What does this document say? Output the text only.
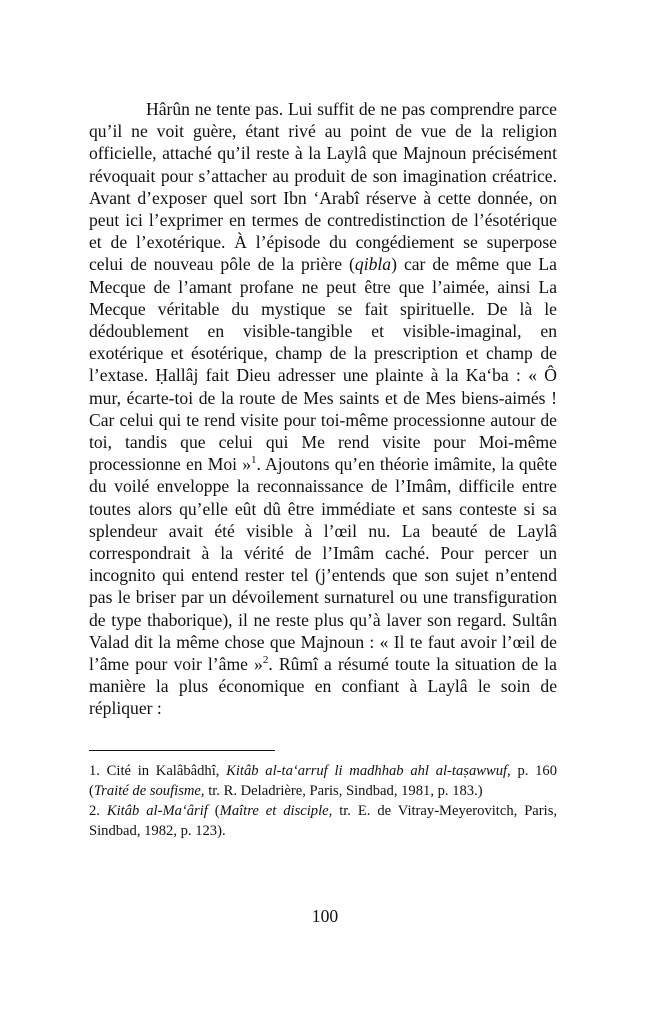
Hârûn ne tente pas. Lui suffit de ne pas comprendre parce qu’il ne voit guère, étant rivé au point de vue de la religion officielle, attaché qu’il reste à la Laylâ que Majnoun précisément révoquait pour s’attacher au produit de son imagination créatrice. Avant d’exposer quel sort Ibn ‘Arabî réserve à cette donnée, on peut ici l’exprimer en termes de contredistinction de l’ésotérique et de l’exotérique. À l’épisode du congédiement se superpose celui de nouveau pôle de la prière (qibla) car de même que La Mecque de l’amant profane ne peut être que l’aimée, ainsi La Mecque véritable du mystique se fait spirituelle. De là le dédoublement en visible-tangible et visible-imaginal, en exotérique et ésotérique, champ de la prescription et champ de l’extase. Ḥallâj fait Dieu adresser une plainte à la Ka‘ba : « Ô mur, écarte-toi de la route de Mes saints et de Mes biens-aimés ! Car celui qui te rend visite pour toi-même processionne autour de toi, tandis que celui qui Me rend visite pour Moi-même processionne en Moi »$^1$. Ajoutons qu’en théorie imâmite, la quête du voilé enveloppe la reconnaissance de l’Imâm, difficile entre toutes alors qu’elle eût dû être immédiate et sans conteste si sa splendeur avait été visible à l’œil nu. La beauté de Laylâ correspondrait à la vérité de l’Imâm caché. Pour percer un incognito qui entend rester tel (j’entends que son sujet n’entend pas le briser par un dévoilement surnaturel ou une transfiguration de type thaborique), il ne reste plus qu’à laver son regard. Sultân Valad dit la même chose que Majnoun : « Il te faut avoir l’œil de l’âme pour voir l’âme »$^2$. Rûmî a résumé toute la situation de la manière la plus économique en confiant à Laylâ le soin de répliquer :

1. Cité in Kalâbâdhî, Kitâb al-ta‘arruf li madhhab ahl al-taṣawwuf, p. 160 (Traité de soufisme, tr. R. Deladrière, Paris, Sindbad, 1981, p. 183.)

2. Kitâb al-Ma‘ârif (Maître et disciple, tr. E. de Vitray-Meyerovitch, Paris, Sindbad, 1982, p. 123).

100
